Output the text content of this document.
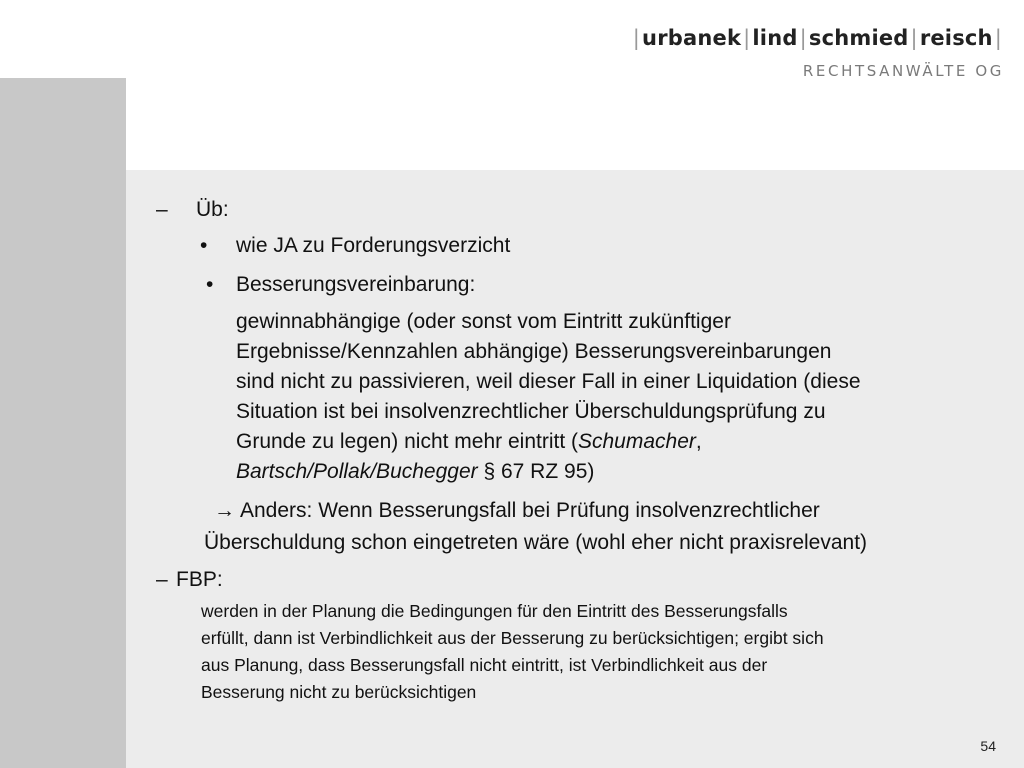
|urbanek|lind|schmied|reisch|
RECHTSANWÄLTE OG
– Üb:
• wie JA zu Forderungsverzicht
• Besserungsvereinbarung:
gewinnabhängige (oder sonst vom Eintritt zukünftiger
Ergebnisse/Kennzahlen abhängige) Besserungsvereinbarungen
sind nicht zu passivieren, weil dieser Fall in einer Liquidation (diese
Situation ist bei insolvenzrechtlicher Überschuldungsprüfung zu
Grunde zu legen) nicht mehr eintritt (Schumacher,
Bartsch/Pollak/Buchegger § 67 RZ 95)
→ Anders: Wenn Besserungsfall bei Prüfung insolvenzrechtlicher
Überschuldung schon eingetreten wäre (wohl eher nicht praxisrelevant)
– FBP:
werden in der Planung die Bedingungen für den Eintritt des Besserungsfalls
erfüllt, dann ist Verbindlichkeit aus der Besserung zu berücksichtigen; ergibt sich
aus Planung, dass Besserungsfall nicht eintritt, ist Verbindlichkeit aus der
Besserung nicht zu berücksichtigen
54
